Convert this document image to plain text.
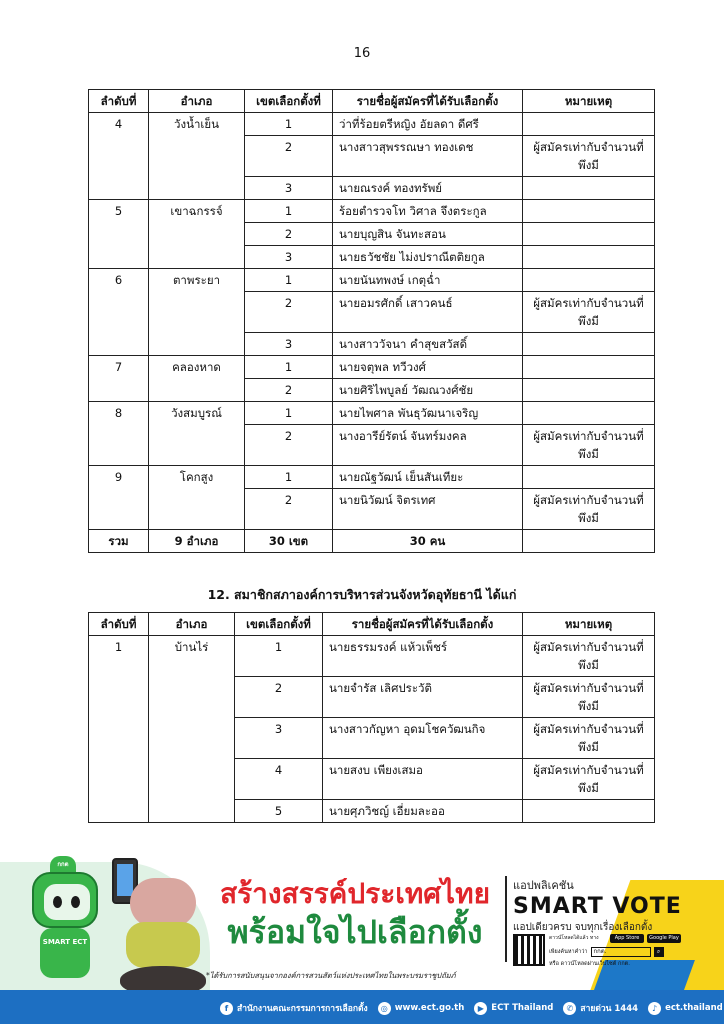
16
ลำดับที่	อำเภอ	เขตเลือกตั้งที่	รายชื่อผู้สมัครที่ได้รับเลือกตั้ง	หมายเหตุ
4	วังน้ำเย็น	1	ว่าที่ร้อยตรีหญิง อัยลดา ดีศรี	
		2	นางสาวสุพรรณษา ทองเดช	ผู้สมัครเท่ากับจำนวนที่พึงมี
		3	นายณรงค์ ทองทรัพย์	
5	เขาฉกรรจ์	1	ร้อยตำรวจโท วิศาล จึงตระกูล	
		2	นายบุญสิน จันทะสอน	
		3	นายธวัชชัย ไม่งปราณีตติยกูล	
6	ตาพระยา	1	นายนันทพงษ์ เกตุฉ่ำ	
		2	นายอมรศักดิ์ เสาวคนธ์	ผู้สมัครเท่ากับจำนวนที่พึงมี
		3	นางสาววัจนา คำสุขสวัสดิ์	
7	คลองหาด	1	นายจตุพล ทวีวงศ์	
		2	นายศิริไพบูลย์ วัฒณวงศ์ชัย	
8	วังสมบูรณ์	1	นายไพศาล พันธุวัฒนาเจริญ	
		2	นางอารีย์รัตน์ จันทร์มงคล	ผู้สมัครเท่ากับจำนวนที่พึงมี
9	โคกสูง	1	นายณัฐวัฒน์ เย็นสันเทียะ	
		2	นายนิวัฒน์ จิตรเทศ	ผู้สมัครเท่ากับจำนวนที่พึงมี
รวม	9 อำเภอ	30 เขต	30 คน	
12. สมาชิกสภาองค์การบริหารส่วนจังหวัดอุทัยธานี ได้แก่
ลำดับที่	อำเภอ	เขตเลือกตั้งที่	รายชื่อผู้สมัครที่ได้รับเลือกตั้ง	หมายเหตุ
1	บ้านไร่	1	นายธรรมรงค์ แห้วเพ็ชร์	ผู้สมัครเท่ากับจำนวนที่พึงมี
		2	นายจำรัส เลิศประวัติ	ผู้สมัครเท่ากับจำนวนที่พึงมี
		3	นางสาวกัญหา อุดมโชควัฒนกิจ	ผู้สมัครเท่ากับจำนวนที่พึงมี
		4	นายสงบ เพียงเสมอ	ผู้สมัครเท่ากับจำนวนที่พึงมี
		5	นายศุภวิชญ์ เอี่ยมละออ	
กกต
SMART ECT
สร้างสรรค์ประเทศไทย
พร้อมใจไปเลือกตั้ง
*ได้รับการสนับสนุนจากองค์การสวนสัตว์แห่งประเทศไทยในพระบรมราชูปถัมภ์
แอปพลิเคชัน
SMART VOTE
แอปเดียวครบ จบทุกเรื่องเลือกตั้ง
ดาวน์โหลดได้แล้ว ทาง	App Store	Google Play
เพียงค้นหาคำว่า	กกต.	⌕
หรือ ดาวน์โหลดผ่านเว็บไซต์ กกต.
f	สำนักงานคณะกรรมการการเลือกตั้ง	◎ www.ect.go.th	▶ ECT Thailand	✆ สายด่วน 1444	♪ ect.thailand
